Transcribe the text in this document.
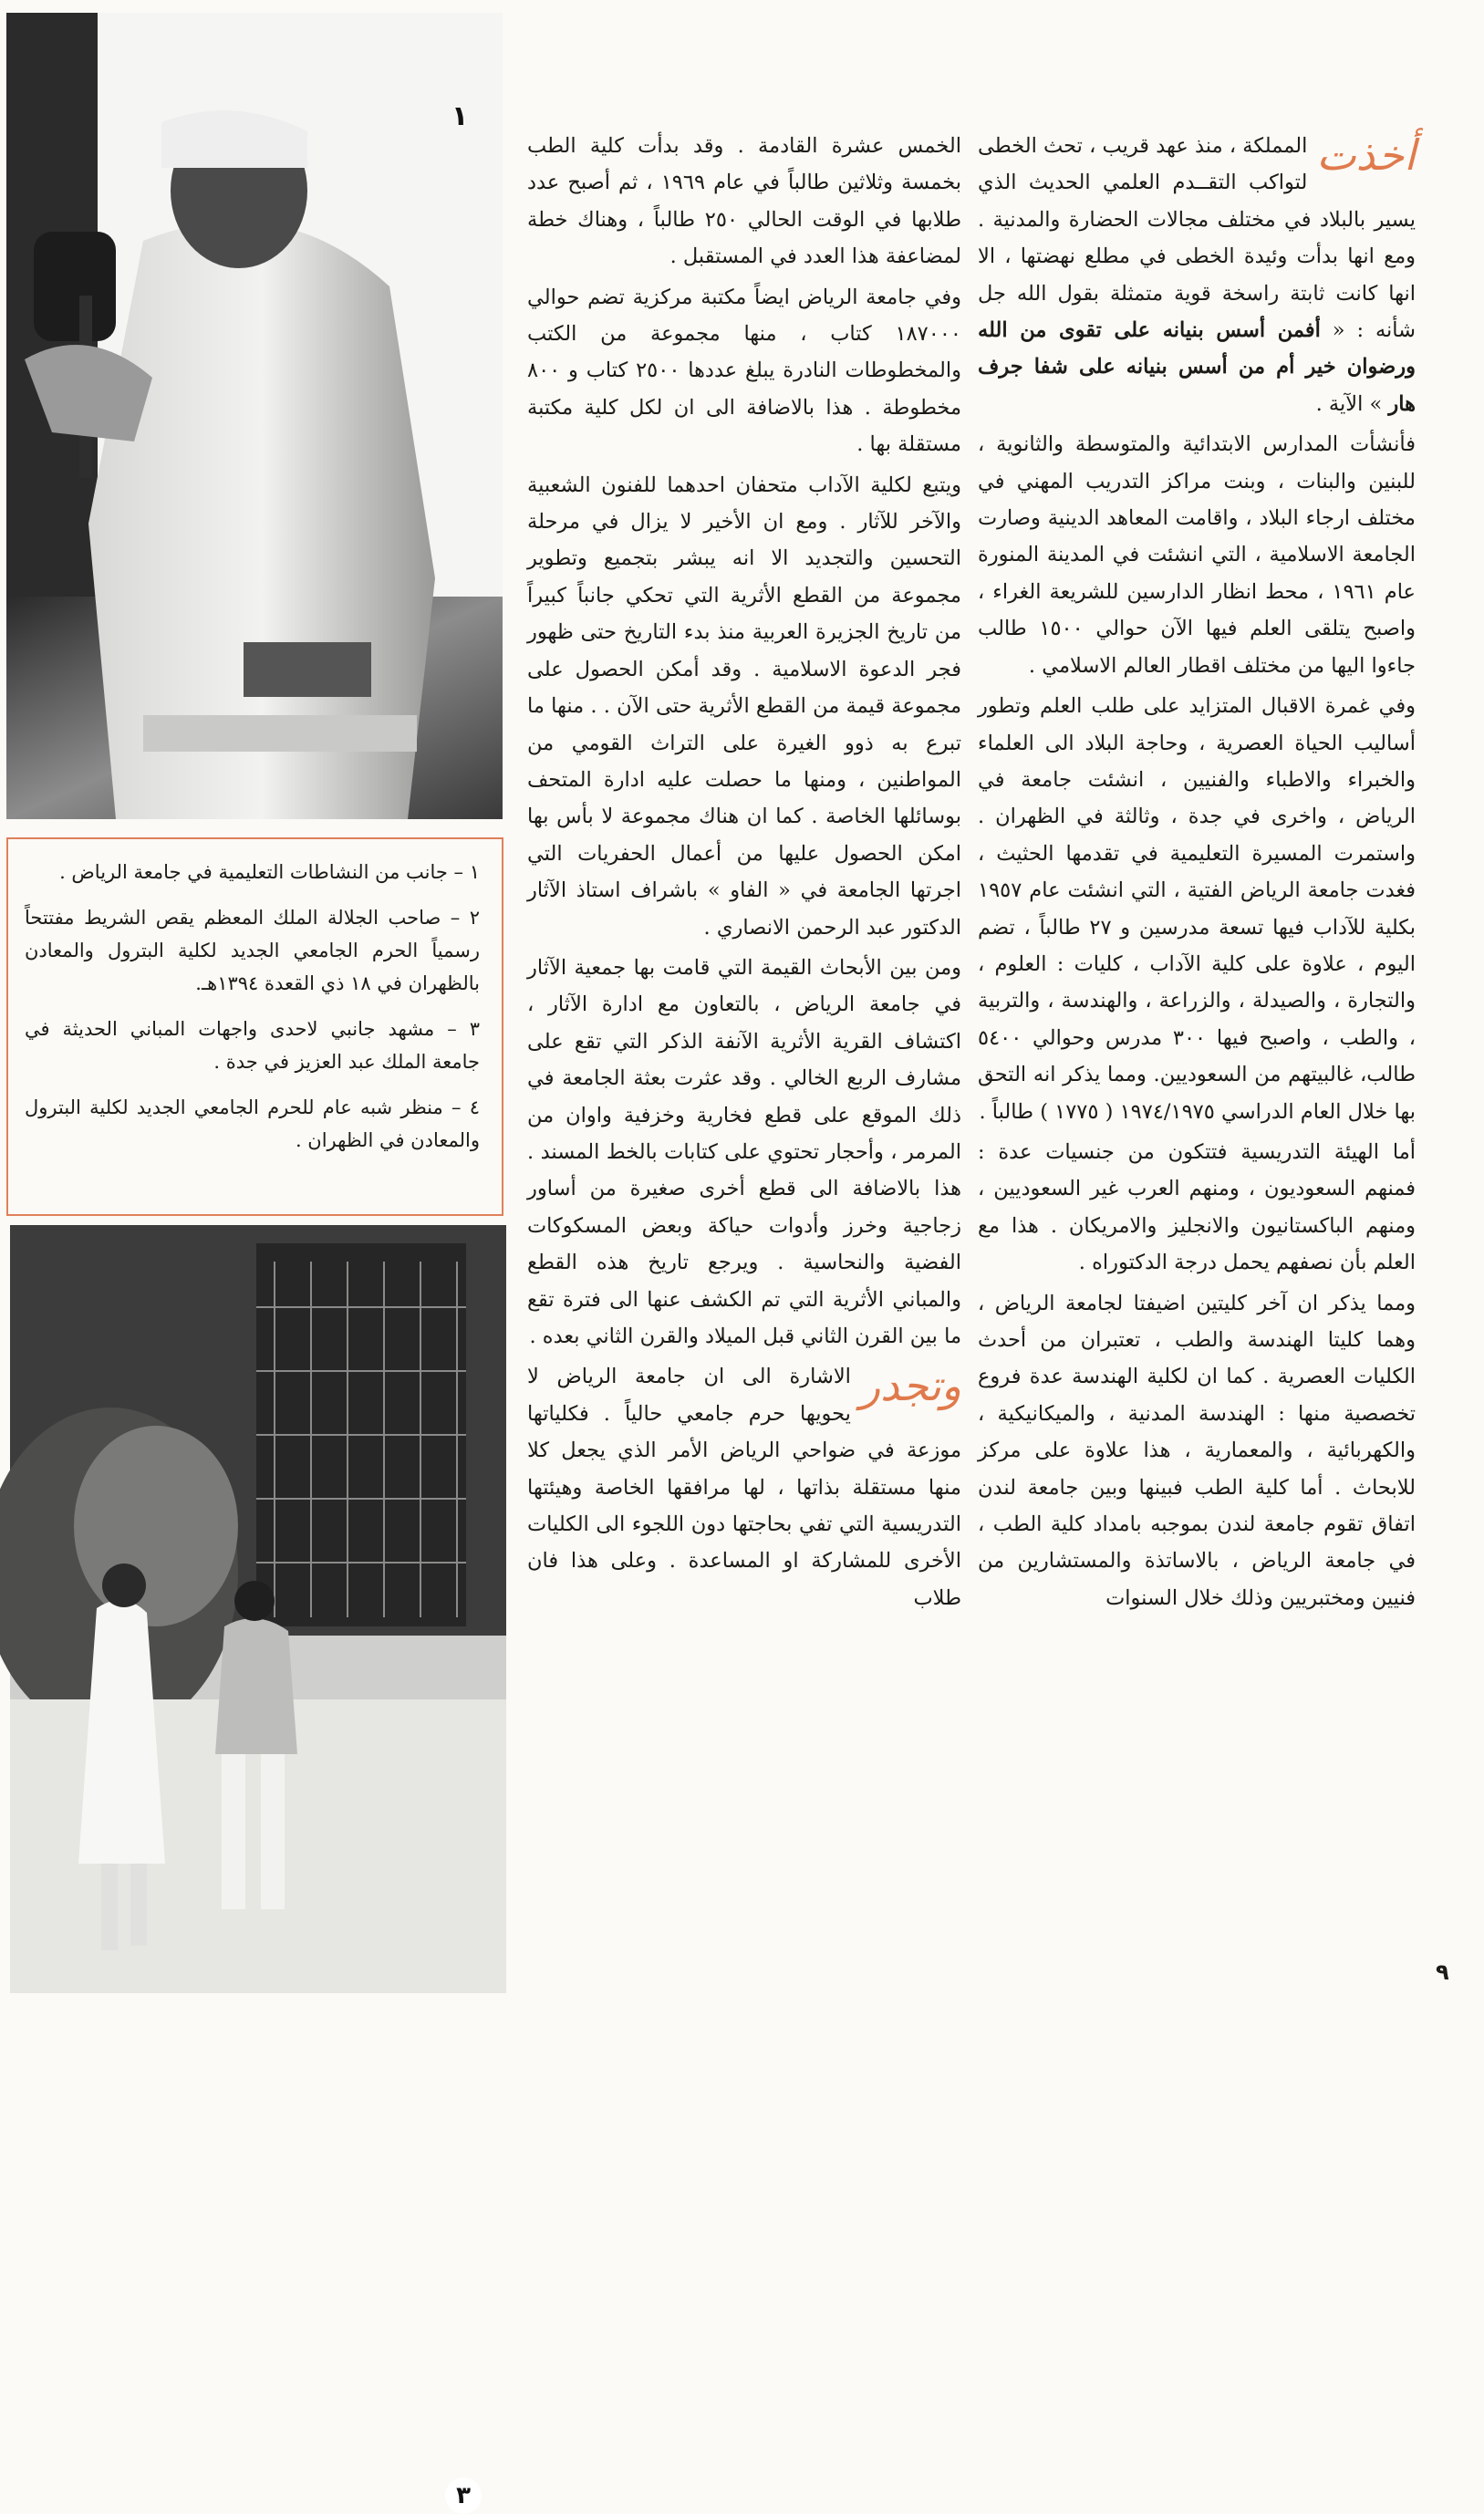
١

١ – جانب من النشاطات التعليمية في جامعة الرياض .

٢ – صاحب الجلالة الملك المعظم يقص الشريط مفتتحاً رسمياً الحرم الجامعي الجديد لكلية البترول والمعادن بالظهران في ١٨ ذي القعدة ١٣٩٤هـ.

٣ – مشهد جانبي لاحدى واجهات المباني الحديثة في جامعة الملك عبد العزيز في جدة .

٤ – منظر شبه عام للحرم الجامعي الجديد لكلية البترول والمعادن في الظهران .

٣

أخذت
المملكة ، منذ عهد قريب ، تحث الخطى لتواكب التقــدم العلمي الحديث الذي يسير بالبلاد في مختلف مجالات الحضارة والمدنية . ومع انها بدأت وئيدة الخطى في مطلع نهضتها ، الا انها كانت ثابتة راسخة قوية متمثلة بقول الله جل شأنه : « أفمن أسس بنيانه على تقوى من الله ورضوان خير أم من أسس بنيانه على شفا جرف هار » الآية .

فأنشأت المدارس الابتدائية والمتوسطة والثانوية ، للبنين والبنات ، وبنت مراكز التدريب المهني في مختلف ارجاء البلاد ، واقامت المعاهد الدينية وصارت الجامعة الاسلامية ، التي انشئت في المدينة المنورة عام ١٩٦١ ، محط انظار الدارسين للشريعة الغراء ، واصبح يتلقى العلم فيها الآن حوالي ١٥٠٠ طالب جاءوا اليها من مختلف اقطار العالم الاسلامي .

وفي غمرة الاقبال المتزايد على طلب العلم وتطور أساليب الحياة العصرية ، وحاجة البلاد الى العلماء والخبراء والاطباء والفنيين ، انشئت جامعة في الرياض ، واخرى في جدة ، وثالثة في الظهران . واستمرت المسيرة التعليمية في تقدمها الحثيث ، فغدت جامعة الرياض الفتية ، التي انشئت عام ١٩٥٧ بكلية للآداب فيها تسعة مدرسين و ٢٧ طالباً ، تضم اليوم ، علاوة على كلية الآداب ، كليات : العلوم ، والتجارة ، والصيدلة ، والزراعة ، والهندسة ، والتربية ، والطب ، واصبح فيها ٣٠٠ مدرس وحوالي ٥٤٠٠ طالب، غالبيتهم من السعوديين. ومما يذكر انه التحق بها خلال العام الدراسي ١٩٧٤/١٩٧٥ ( ١٧٧٥ ) طالباً .

أما الهيئة التدريسية فتتكون من جنسيات عدة : فمنهم السعوديون ، ومنهم العرب غير السعوديين ، ومنهم الباكستانيون والانجليز والامريكان . هذا مع العلم بأن نصفهم يحمل درجة الدكتوراه .

ومما يذكر ان آخر كليتين اضيفتا لجامعة الرياض ، وهما كليتا الهندسة والطب ، تعتبران من أحدث الكليات العصرية . كما ان لكلية الهندسة عدة فروع تخصصية منها : الهندسة المدنية ، والميكانيكية ، والكهربائية ، والمعمارية ، هذا علاوة على مركز للابحاث . أما كلية الطب فبينها وبين جامعة لندن اتفاق تقوم جامعة لندن بموجبه بامداد كلية الطب ، في جامعة الرياض ، بالاساتذة والمستشارين من فنيين ومختبريين وذلك خلال السنوات

الخمس عشرة القادمة . وقد بدأت كلية الطب بخمسة وثلاثين طالباً في عام ١٩٦٩ ، ثم أصبح عدد طلابها في الوقت الحالي ٢٥٠ طالباً ، وهناك خطة لمضاعفة هذا العدد في المستقبل .

وفي جامعة الرياض ايضاً مكتبة مركزية تضم حوالي ١٨٧٠٠٠ كتاب ، منها مجموعة من الكتب والمخطوطات النادرة يبلغ عددها ٢٥٠٠ كتاب و ٨٠٠ مخطوطة . هذا بالاضافة الى ان لكل كلية مكتبة مستقلة بها .

ويتبع لكلية الآداب متحفان احدهما للفنون الشعبية والآخر للآثار . ومع ان الأخير لا يزال في مرحلة التحسين والتجديد الا انه يبشر بتجميع وتطوير مجموعة من القطع الأثرية التي تحكي جانباً كبيراً من تاريخ الجزيرة العربية منذ بدء التاريخ حتى ظهور فجر الدعوة الاسلامية . وقد أمكن الحصول على مجموعة قيمة من القطع الأثرية حتى الآن . . منها ما تبرع به ذوو الغيرة على التراث القومي من المواطنين ، ومنها ما حصلت عليه ادارة المتحف بوسائلها الخاصة . كما ان هناك مجموعة لا بأس بها امكن الحصول عليها من أعمال الحفريات التي اجرتها الجامعة في « الفاو » باشراف استاذ الآثار الدكتور عبد الرحمن الانصاري .

ومن بين الأبحاث القيمة التي قامت بها جمعية الآثار في جامعة الرياض ، بالتعاون مع ادارة الآثار ، اكتشاف القرية الأثرية الآنفة الذكر التي تقع على مشارف الربع الخالي . وقد عثرت بعثة الجامعة في ذلك الموقع على قطع فخارية وخزفية واوان من المرمر ، وأحجار تحتوي على كتابات بالخط المسند . هذا بالاضافة الى قطع أخرى صغيرة من أساور زجاجية وخرز وأدوات حياكة وبعض المسكوكات الفضية والنحاسية . ويرجع تاريخ هذه القطع والمباني الأثرية التي تم الكشف عنها الى فترة تقع ما بين القرن الثاني قبل الميلاد والقرن الثاني بعده .

وتجدر
الاشارة الى ان جامعة الرياض لا يحويها حرم جامعي حالياً . فكلياتها موزعة في ضواحي الرياض الأمر الذي يجعل كلا منها مستقلة بذاتها ، لها مرافقها الخاصة وهيئتها التدريسية التي تفي بحاجتها دون اللجوء الى الكليات الأخرى للمشاركة او المساعدة . وعلى هذا فان طلاب

٩
